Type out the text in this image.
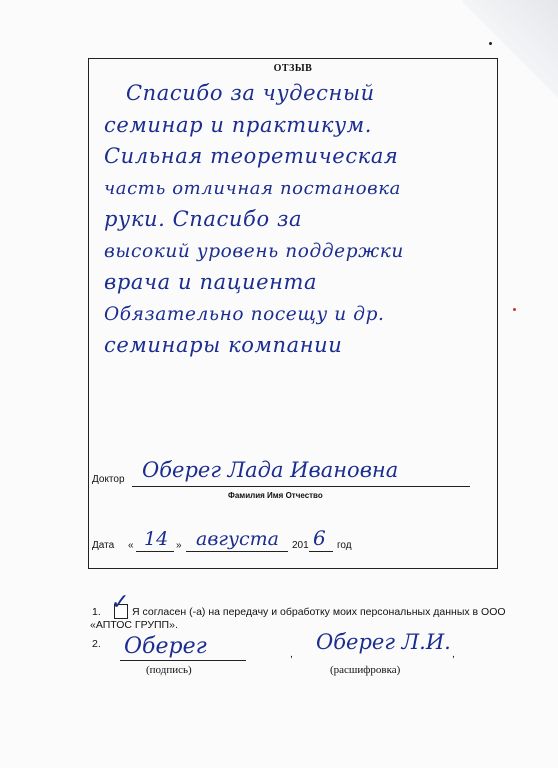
ОТЗЫВ
Спасибо за чудесный
семинар и практикум.
Сильная теоретическая
часть отличная постановка
руки. Спасибо за
высокий уровень поддержки
врача и пациента
Обязательно посещу и др.
семинары компании
Доктор Оберег Лада Ивановна
Фамилия Имя Отчество
Дата « 14 » августа 201 6 год
1. ✓ Я согласен (-а) на передачу и обработку моих персональных данных в ООО «АПТОС ГРУПП».
2. Оберег	, Оберег Л.И. ,
(подпись)	(расшифровка)
